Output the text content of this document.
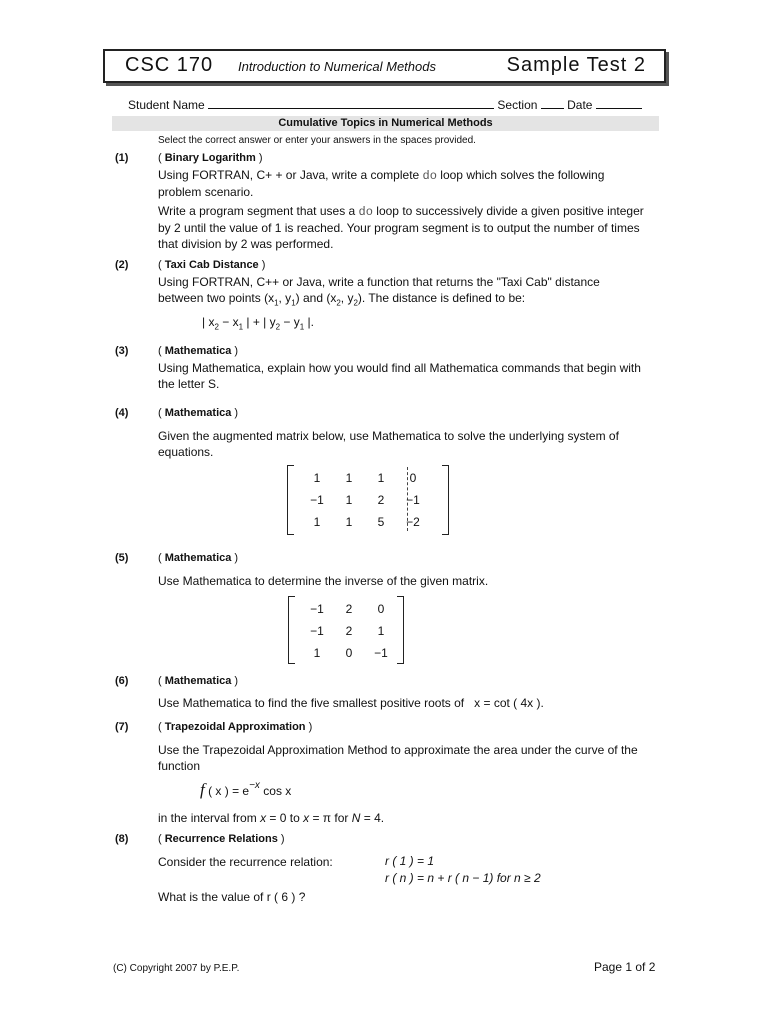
CSC 170 Introduction to Numerical Methods	Sample Test 2
Student Name	Section Date
Cumulative Topics in Numerical Methods
Select the correct answer or enter your answers in the spaces provided.
(1)	( Binary Logarithm )
Using FORTRAN, C+ + or Java, write a complete do loop which solves the following problem scenario.
Write a program segment that uses a do loop to successively divide a given positive integer by 2 until the value of 1 is reached. Your program segment is to output the number of times that division by 2 was performed.
(2)	( Taxi Cab Distance )
Using FORTRAN, C++ or Java, write a function that returns the "Taxi Cab" distance between two points ($x_1$, $y_1$) and ($x_2$, $y_2$). The distance is defined to be:
| $x_2 - x_1$ | + | $y_2 - y_1$ |.
(3)	( Mathematica )
Using Mathematica, explain how you would find all Mathematica commands that begin with the letter S.
(4)	( Mathematica )
Given the augmented matrix below, use Mathematica to solve the underlying system of equations.
1	1	1	0
−1	1	2	−1
1	1	5	−2
(5)	( Mathematica )
Use Mathematica to determine the inverse of the given matrix.
−1	2	0
−1	2	1
1	0	−1
(6)	( Mathematica )
Use Mathematica to find the five smallest positive roots of x = cot ( 4x ).
(7)	( Trapezoidal Approximation )
Use the Trapezoidal Approximation Method to approximate the area under the curve of the function
f ( x ) = $e^{-x}$ cos x
in the interval from x = 0 to x = π for N = 4.
(8)	( Recurrence Relations )
Consider the recurrence relation:	r ( 1 ) = 1
r ( n ) = n + r ( n − 1) for n ≥ 2
What is the value of r ( 6 ) ?
(C) Copyright 2007 by P.E.P.	Page 1 of 2
